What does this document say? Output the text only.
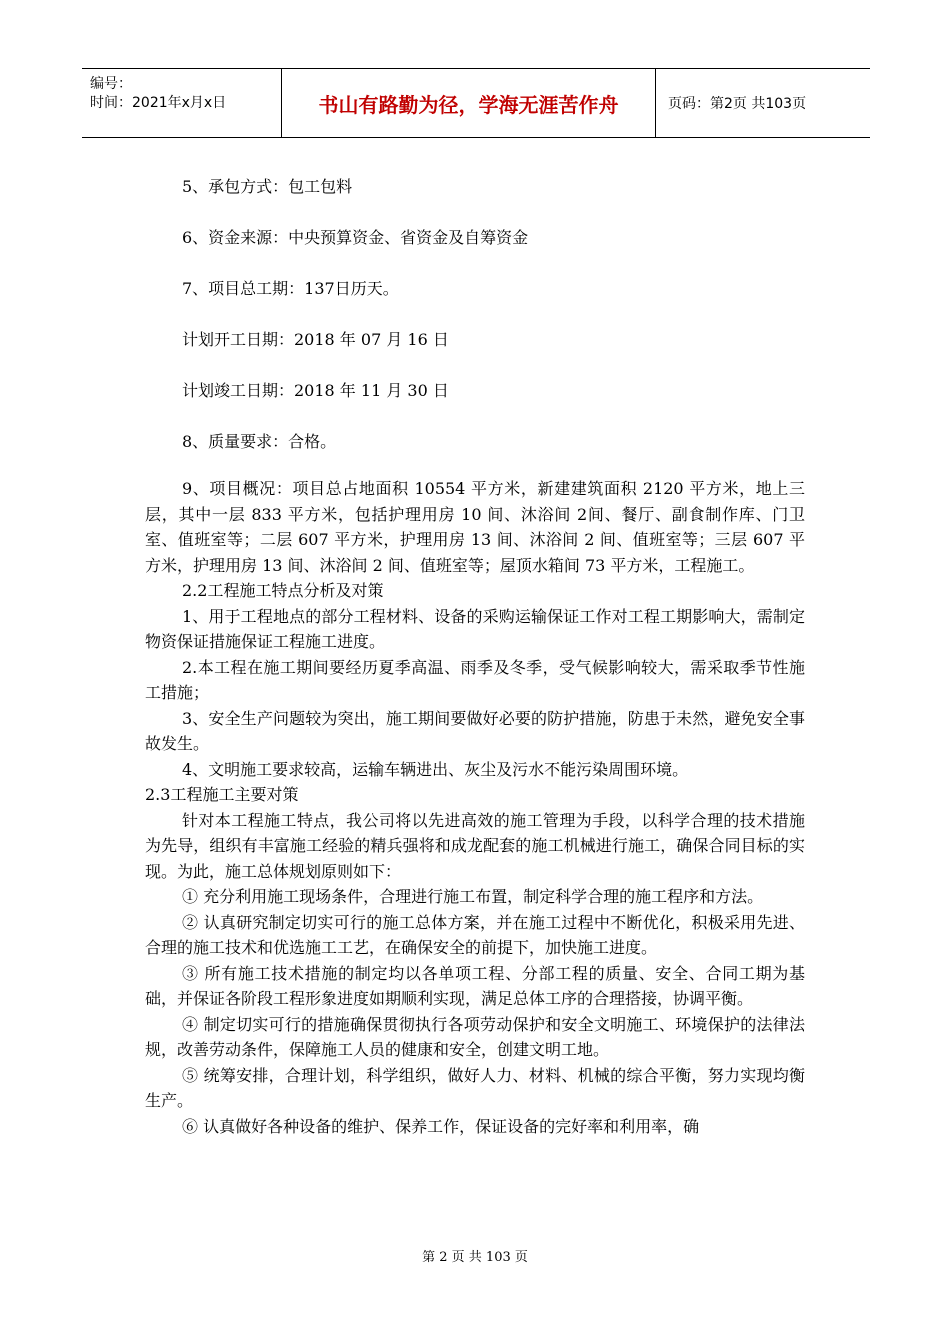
编号：
时间：2021年x月x日	书山有路勤为径，学海无涯苦作舟	页码：第2页 共103页
5、承包方式：包工包料
6、资金来源：中央预算资金、省资金及自筹资金
7、项目总工期：137日历天。
计划开工日期：2018 年 07 月 16 日
计划竣工日期：2018 年 11 月 30 日
8、质量要求：合格。

9、项目概况：项目总占地面积 10554 平方米，新建建筑面积 2120 平方米，地上三层，其中一层 833 平方米，包括护理用房 10 间、沐浴间 2间、餐厅、副食制作库、门卫室、值班室等；二层 607 平方米，护理用房 13 间、沐浴间 2 间、值班室等；三层 607 平方米，护理用房 13 间、沐浴间 2 间、值班室等；屋顶水箱间 73 平方米，工程施工。

2.2工程施工特点分析及对策

1、用于工程地点的部分工程材料、设备的采购运输保证工作对工程工期影响大，需制定物资保证措施保证工程施工进度。

2.本工程在施工期间要经历夏季高温、雨季及冬季，受气候影响较大，需采取季节性施工措施；

3、安全生产问题较为突出，施工期间要做好必要的防护措施，防患于未然，避免安全事故发生。

4、文明施工要求较高，运输车辆进出、灰尘及污水不能污染周围环境。

2.3工程施工主要对策

针对本工程施工特点，我公司将以先进高效的施工管理为手段，以科学合理的技术措施为先导，组织有丰富施工经验的精兵强将和成龙配套的施工机械进行施工，确保合同目标的实现。为此，施工总体规划原则如下：

① 充分利用施工现场条件，合理进行施工布置，制定科学合理的施工程序和方法。

② 认真研究制定切实可行的施工总体方案，并在施工过程中不断优化，积极采用先进、合理的施工技术和优选施工工艺，在确保安全的前提下，加快施工进度。

③ 所有施工技术措施的制定均以各单项工程、分部工程的质量、安全、合同工期为基础，并保证各阶段工程形象进度如期顺利实现，满足总体工序的合理搭接，协调平衡。

④ 制定切实可行的措施确保贯彻执行各项劳动保护和安全文明施工、环境保护的法律法规，改善劳动条件，保障施工人员的健康和安全，创建文明工地。

⑤ 统筹安排，合理计划，科学组织，做好人力、材料、机械的综合平衡，努力实现均衡生产。

⑥ 认真做好各种设备的维护、保养工作，保证设备的完好率和利用率，确

第 2 页 共 103 页
